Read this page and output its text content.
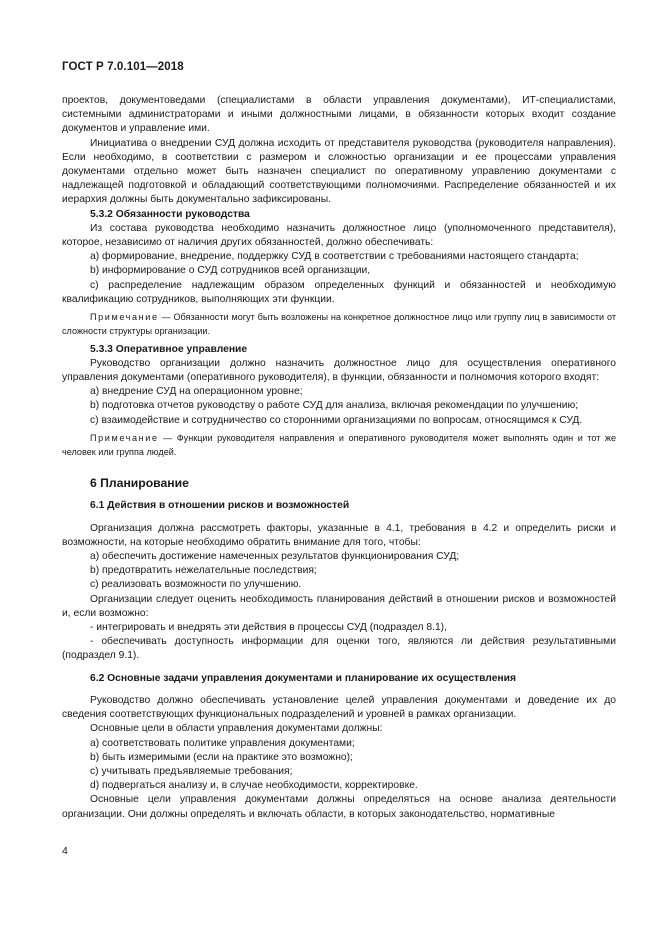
ГОСТ Р 7.0.101—2018

проектов, документоведами (специалистами в области управления документами), ИТ-специалистами, системными администраторами и иными должностными лицами, в обязанности которых входит создание документов и управление ими.

Инициатива о внедрении СУД должна исходить от представителя руководства (руководителя направления). Если необходимо, в соответствии с размером и сложностью организации и ее процессами управления документами отдельно может быть назначен специалист по оперативному управлению документами с надлежащей подготовкой и обладающий соответствующими полномочиями. Распределение обязанностей и их иерархия должны быть документально зафиксированы.

5.3.2 Обязанности руководства

Из состава руководства необходимо назначить должностное лицо (уполномоченного представителя), которое, независимо от наличия других обязанностей, должно обеспечивать:

a) формирование, внедрение, поддержку СУД в соответствии с требованиями настоящего стандарта;

b) информирование о СУД сотрудников всей организации,

c) распределение надлежащим образом определенных функций и обязанностей и необходимую квалификацию сотрудников, выполняющих эти функции.

Примечание — Обязанности могут быть возложены на конкретное должностное лицо или группу лиц в зависимости от сложности структуры организации.

5.3.3 Оперативное управление

Руководство организации должно назначить должностное лицо для осуществления оперативного управления документами (оперативного руководителя), в функции, обязанности и полномочия которого входят:

a) внедрение СУД на операционном уровне;

b) подготовка отчетов руководству о работе СУД для анализа, включая рекомендации по улучшению;

c) взаимодействие и сотрудничество со сторонними организациями по вопросам, относящимся к СУД.

Примечание — Функции руководителя направления и оперативного руководителя может выполнять один и тот же человек или группа людей.

6 Планирование

6.1 Действия в отношении рисков и возможностей

Организация должна рассмотреть факторы, указанные в 4.1, требования в 4.2 и определить риски и возможности, на которые необходимо обратить внимание для того, чтобы:

a) обеспечить достижение намеченных результатов функционирования СУД;

b) предотвратить нежелательные последствия;

c) реализовать возможности по улучшению.

Организации следует оценить необходимость планирования действий в отношении рисков и возможностей и, если возможно:

- интегрировать и внедрять эти действия в процессы СУД (подраздел 8.1),

- обеспечивать доступность информации для оценки того, являются ли действия результативными (подраздел 9.1).

6.2 Основные задачи управления документами и планирование их осуществления

Руководство должно обеспечивать установление целей управления документами и доведение их до сведения соответствующих функциональных подразделений и уровней в рамках организации.

Основные цели в области управления документами должны:

a) соответствовать политике управления документами;

b) быть измеримыми (если на практике это возможно);

c) учитывать предъявляемые требования;

d) подвергаться анализу и, в случае необходимости, корректировке.

Основные цели управления документами должны определяться на основе анализа деятельности организации. Они должны определять и включать области, в которых законодательство, нормативные

4
